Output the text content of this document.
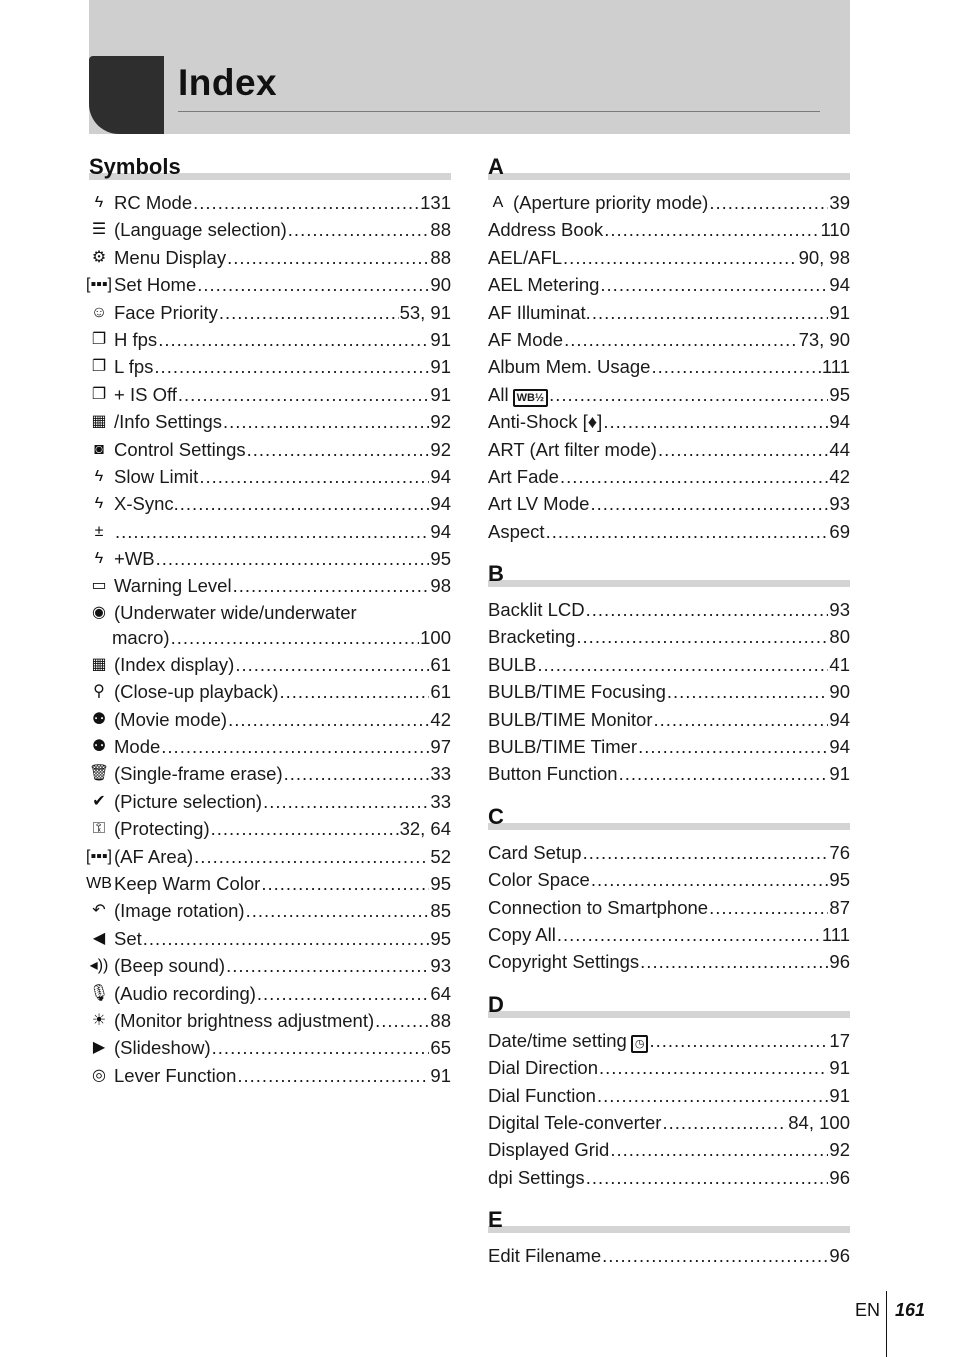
Index
Symbols
ϟ RC Mode .....	131
☰ (Language selection) .....	88
⚙ Menu Display .....	88
[▪▪▪] Set Home .....	90
☺ Face Priority .....	53, 91
❐ H fps .....	91
❐ L fps .....	91
❐ + IS Off .....	91
▦ /Info Settings .....	92
◙ Control Settings .....	92
ϟ Slow Limit .....	94
ϟ X-Sync. .....	94
± .....	94
ϟ +WB .....	95
▭ Warning Level .....	98
◉ (Underwater wide/underwater
macro) .....	100
▦ (Index display) .....	61
⚲ (Close-up playback) .....	61
⚉ (Movie mode) .....	42
⚉ Mode .....	97
🗑 (Single-frame erase) .....	33
✔ (Picture selection) .....	33
⚿ (Protecting) .....	32, 64
[▪▪▪] (AF Area) .....	52
WB Keep Warm Color .....	95
↶ (Image rotation) .....	85
◀ Set .....	95
◂)) (Beep sound) .....	93
🎙 (Audio recording) .....	64
☀ (Monitor brightness adjustment) .....	88
▶ (Slideshow) .....	65
◎ Lever Function .....	91
A
A (Aperture priority mode) .....	39
Address Book .....	110
AEL/AFL .....	90, 98
AEL Metering .....	94
AF Illuminat. .....	91
AF Mode .....	73, 90
Album Mem. Usage .....	111
All WB½ .....	95
Anti-Shock [♦] .....	94
ART (Art filter mode) .....	44
Art Fade .....	42
Art LV Mode .....	93
Aspect .....	69
B
Backlit LCD .....	93
Bracketing .....	80
BULB .....	41
BULB/TIME Focusing .....	90
BULB/TIME Monitor .....	94
BULB/TIME Timer .....	94
Button Function .....	91
C
Card Setup .....	76
Color Space .....	95
Connection to Smartphone .....	87
Copy All .....	111
Copyright Settings .....	96
D
Date/time setting ◷ .....	17
Dial Direction .....	91
Dial Function .....	91
Digital Tele-converter .....	84, 100
Displayed Grid .....	92
dpi Settings .....	96
E
Edit Filename .....	96
EN 161
